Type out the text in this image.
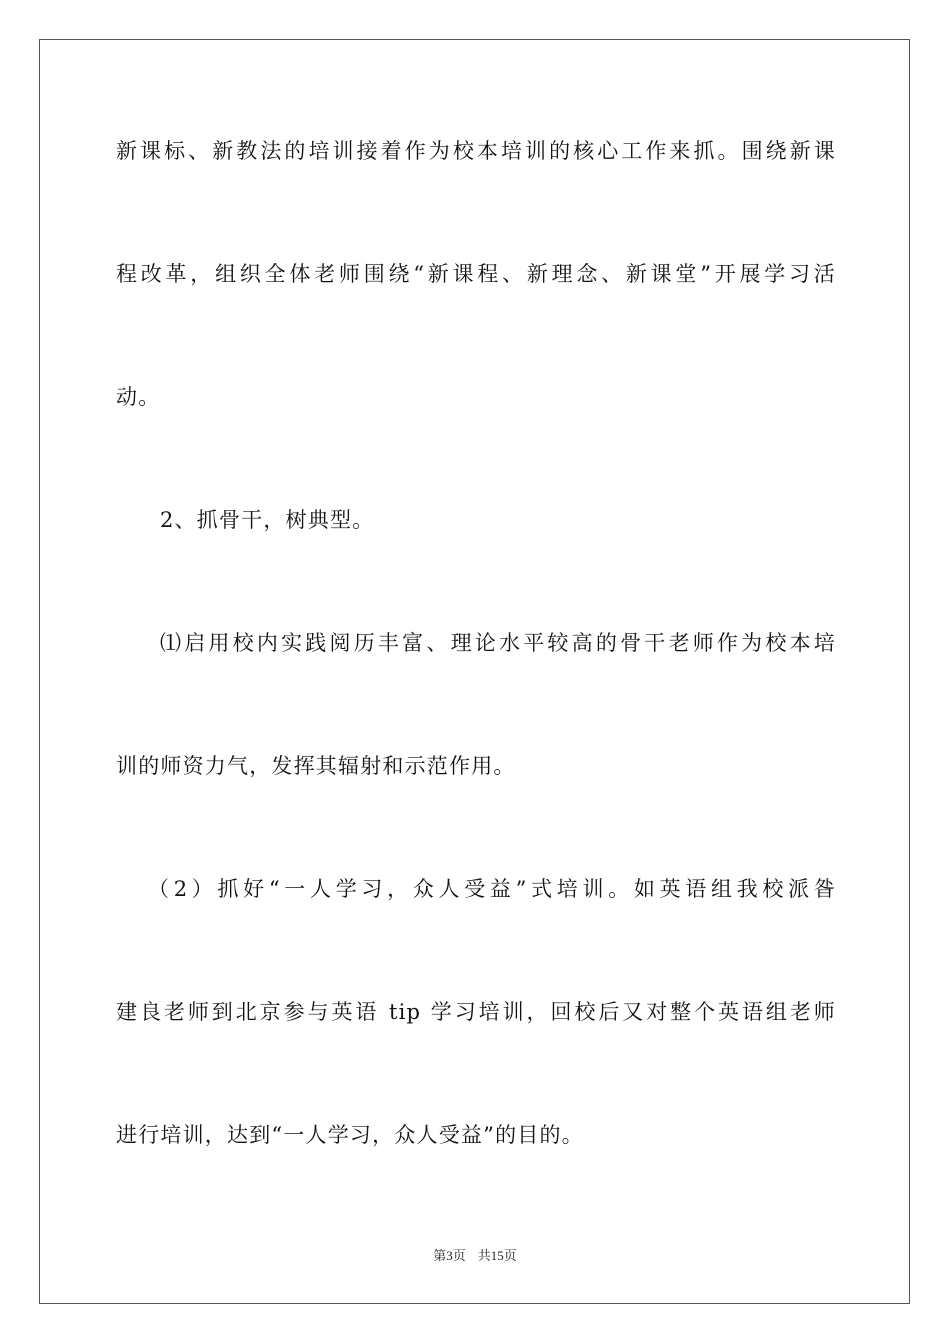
新课标、新教法的培训接着作为校本培训的核心工作来抓。围绕新课
程改革，组织全体老师围绕“新课程、新理念、新课堂”开展学习活
动。
2、抓骨干，树典型。
⑴启用校内实践阅历丰富、理论水平较高的骨干老师作为校本培
训的师资力气，发挥其辐射和示范作用。
（2）抓好“一人学习，众人受益”式培训。如英语组我校派昝
建良老师到北京参与英语 tip 学习培训，回校后又对整个英语组老师
进行培训，达到“一人学习，众人受益”的目的。
第3页 共15页
